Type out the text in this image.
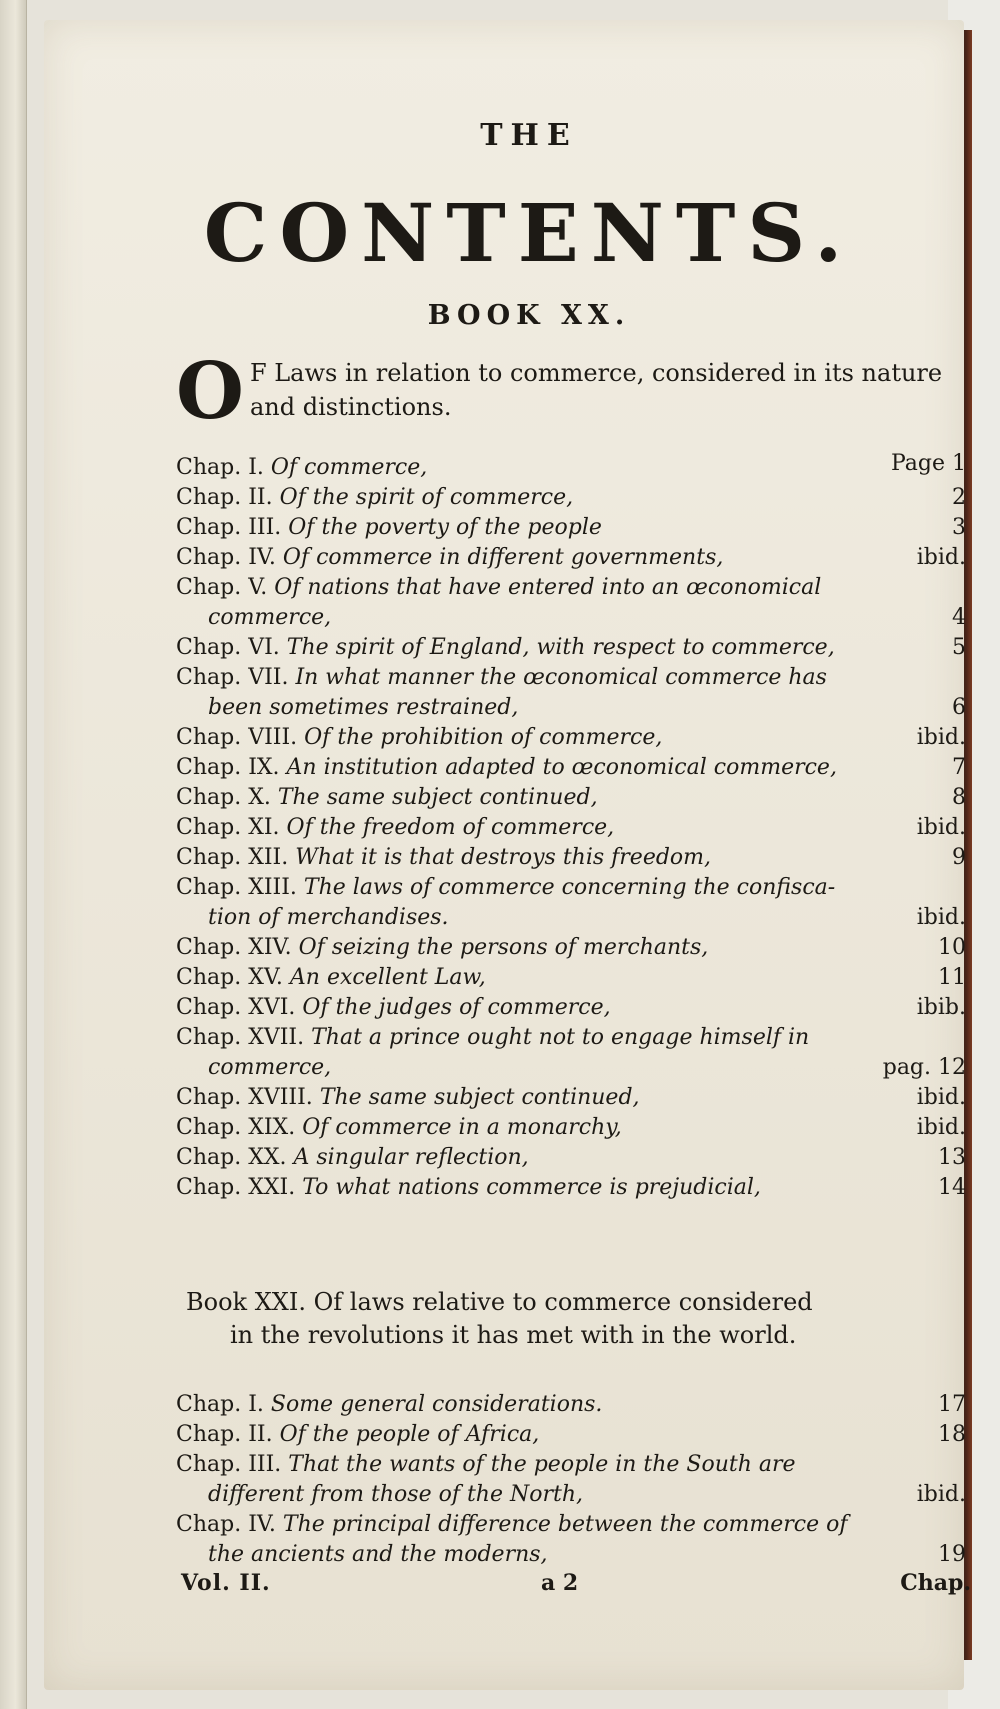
THE
CONTENTS.
BOOK XX.
O F Laws in relation to commerce, considered in its nature and distinctions.
Chap. I. Of commerce,	Page 1
Chap. II. Of the spirit of commerce,	2
Chap. III. Of the poverty of the people	3
Chap. IV. Of commerce in different governments,	ibid.
Chap. V. Of nations that have entered into an œconomical
commerce,	4
Chap. VI. The spirit of England, with respect to commerce,	5
Chap. VII. In what manner the œconomical commerce has
been sometimes restrained,	6
Chap. VIII. Of the prohibition of commerce,	ibid.
Chap. IX. An institution adapted to œconomical commerce,	7
Chap. X. The same subject continued,	8
Chap. XI. Of the freedom of commerce,	ibid.
Chap. XII. What it is that destroys this freedom,	9
Chap. XIII. The laws of commerce concerning the confisca-
tion of merchandises.	ibid.
Chap. XIV. Of seizing the persons of merchants,	10
Chap. XV. An excellent Law,	11
Chap. XVI. Of the judges of commerce,	ibib.
Chap. XVII. That a prince ought not to engage himself in
commerce,	pag. 12
Chap. XVIII. The same subject continued,	ibid.
Chap. XIX. Of commerce in a monarchy,	ibid.
Chap. XX. A singular reflection,	13
Chap. XXI. To what nations commerce is prejudicial,	14
Book XXI. Of laws relative to commerce considered
in the revolutions it has met with in the world.
Chap. I. Some general considerations.	17
Chap. II. Of the people of Africa,	18
Chap. III. That the wants of the people in the South are
different from those of the North,	ibid.
Chap. IV. The principal difference between the commerce of
the ancients and the moderns,	19
Vol. II.	a 2	Chap.
